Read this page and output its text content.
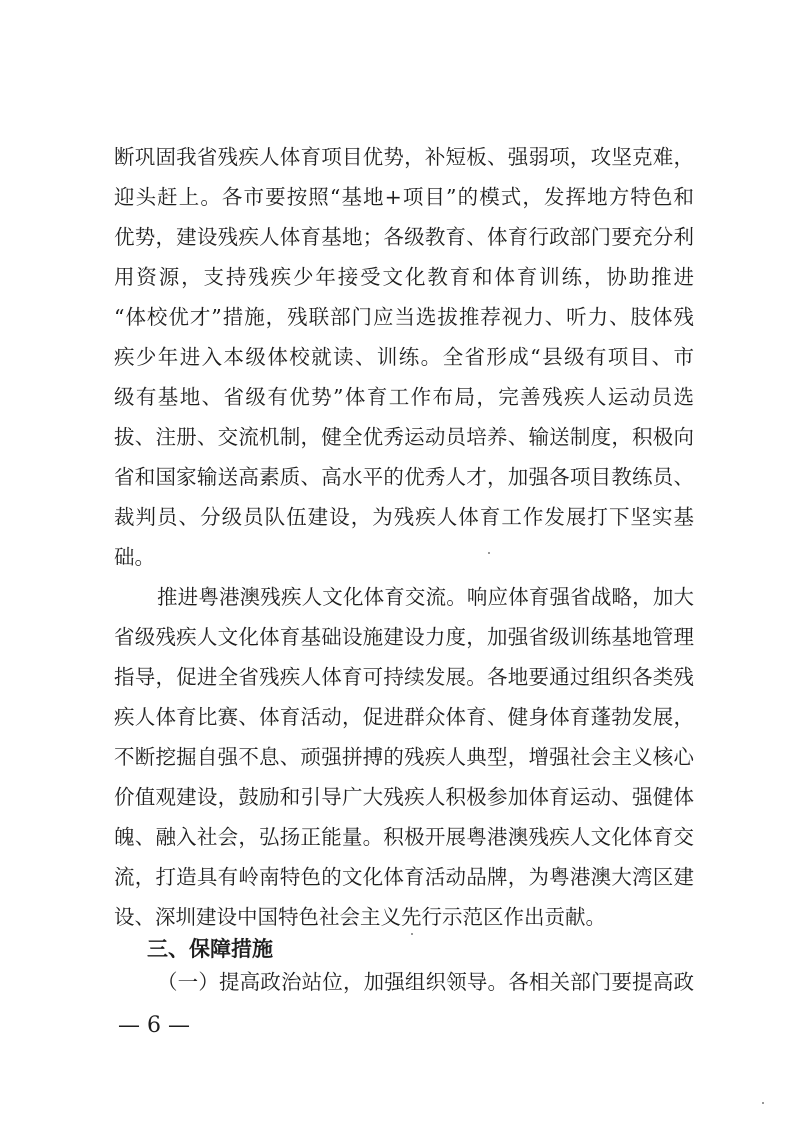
断巩固我省残疾人体育项目优势，补短板、强弱项，攻坚克难，
迎头赶上。各市要按照“基地+项目”的模式，发挥地方特色和
优势，建设残疾人体育基地；各级教育、体育行政部门要充分利
用资源，支持残疾少年接受文化教育和体育训练，协助推进
“体校优才”措施，残联部门应当选拔推荐视力、听力、肢体残
疾少年进入本级体校就读、训练。全省形成“县级有项目、市
级有基地、省级有优势”体育工作布局，完善残疾人运动员选
拔、注册、交流机制，健全优秀运动员培养、输送制度，积极向
省和国家输送高素质、高水平的优秀人才，加强各项目教练员、
裁判员、分级员队伍建设，为残疾人体育工作发展打下坚实基
础。
推进粤港澳残疾人文化体育交流。响应体育强省战略，加大
省级残疾人文化体育基础设施建设力度，加强省级训练基地管理
指导，促进全省残疾人体育可持续发展。各地要通过组织各类残
疾人体育比赛、体育活动，促进群众体育、健身体育蓬勃发展，
不断挖掘自强不息、顽强拼搏的残疾人典型，增强社会主义核心
价值观建设，鼓励和引导广大残疾人积极参加体育运动、强健体
魄、融入社会，弘扬正能量。积极开展粤港澳残疾人文化体育交
流，打造具有岭南特色的文化体育活动品牌，为粤港澳大湾区建
设、深圳建设中国特色社会主义先行示范区作出贡献。
三、保障措施
（一）提高政治站位，加强组织领导。各相关部门要提高政
— 6 —
